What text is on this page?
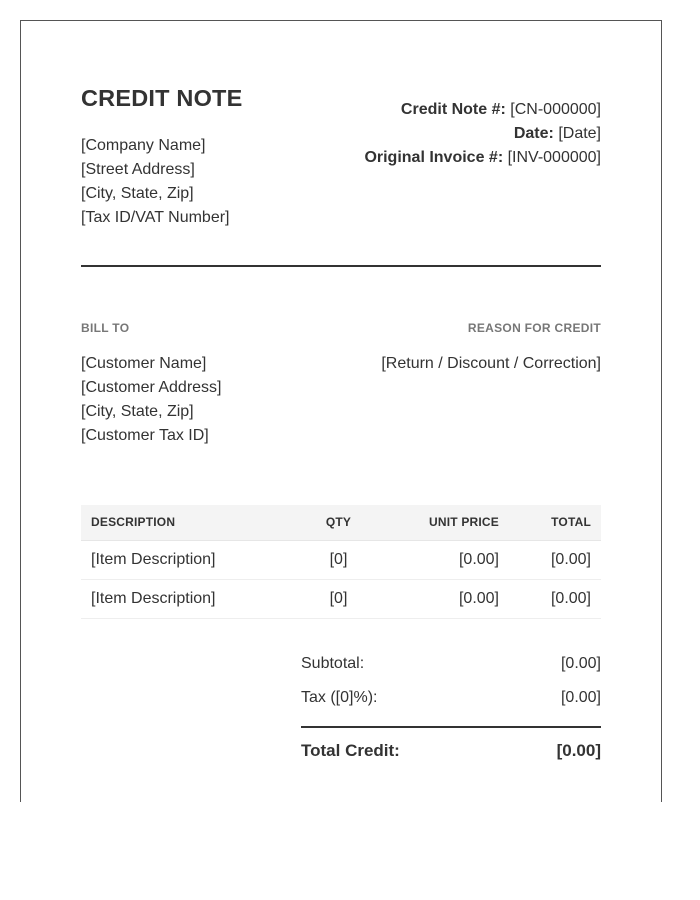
CREDIT NOTE
[Company Name]
[Street Address]
[City, State, Zip]
[Tax ID/VAT Number]
Credit Note #: [CN-000000]
Date: [Date]
Original Invoice #: [INV-000000]
BILL TO	REASON FOR CREDIT
[Customer Name]
[Customer Address]
[City, State, Zip]
[Customer Tax ID]
[Return / Discount / Correction]
DESCRIPTION	QTY	UNIT PRICE	TOTAL
[Item Description]	[0]	[0.00]	[0.00]
[Item Description]	[0]	[0.00]	[0.00]
Subtotal:	[0.00]
Tax ([0]%):	[0.00]
Total Credit:	[0.00]
